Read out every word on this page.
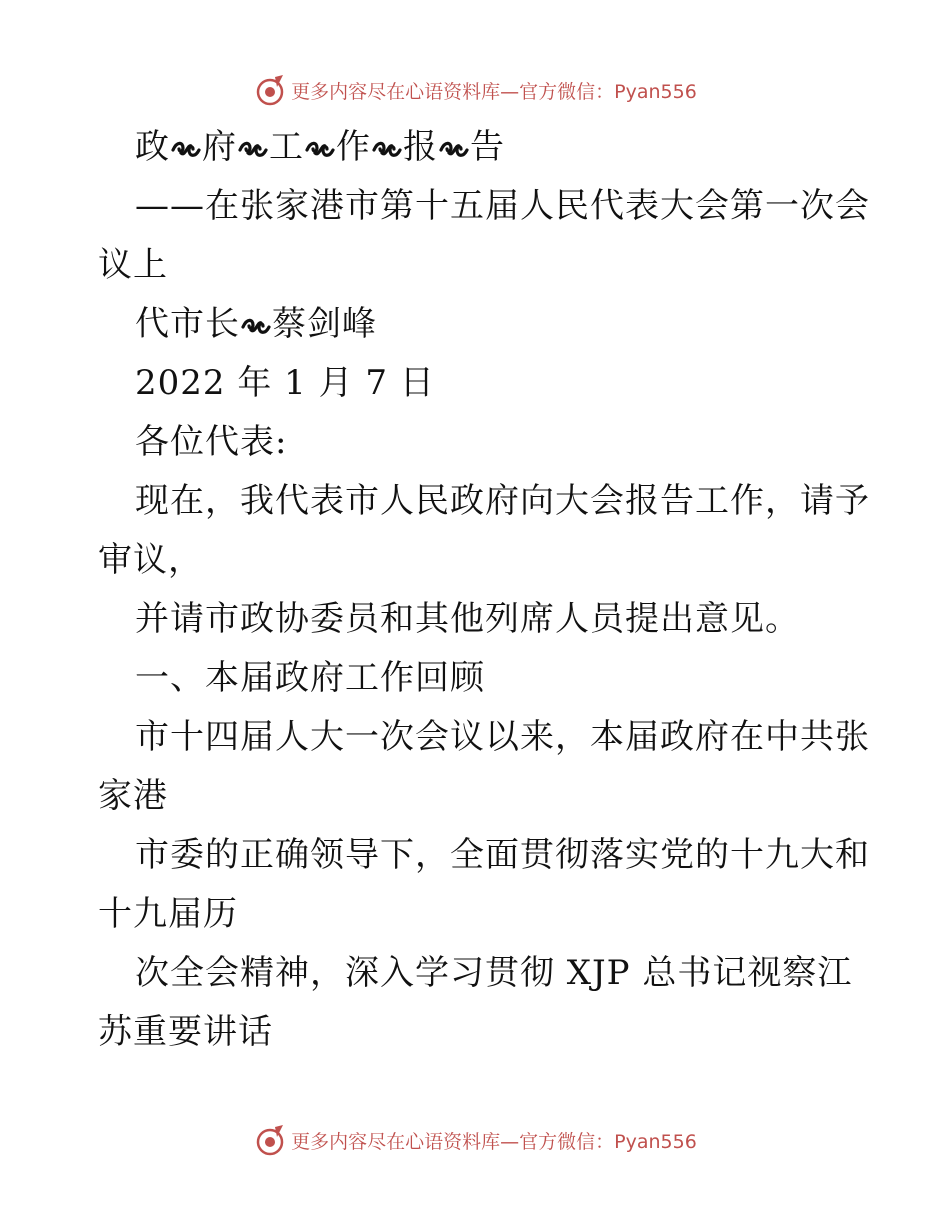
更多内容尽在心语资料库—官方微信：Pyan556
政 府 工 作 报 告
——在张家港市第十五届人民代表大会第一次会
议上
代市长 蔡剑峰
2022 年 1 月 7 日
各位代表:
现在，我代表市人民政府向大会报告工作，请予
审议，
并请市政协委员和其他列席人员提出意见。
一、本届政府工作回顾
市十四届人大一次会议以来，本届政府在中共张
家港
市委的正确领导下，全面贯彻落实党的十九大和
十九届历
次全会精神，深入学习贯彻 XJP 总书记视察江
苏重要讲话
更多内容尽在心语资料库—官方微信：Pyan556
